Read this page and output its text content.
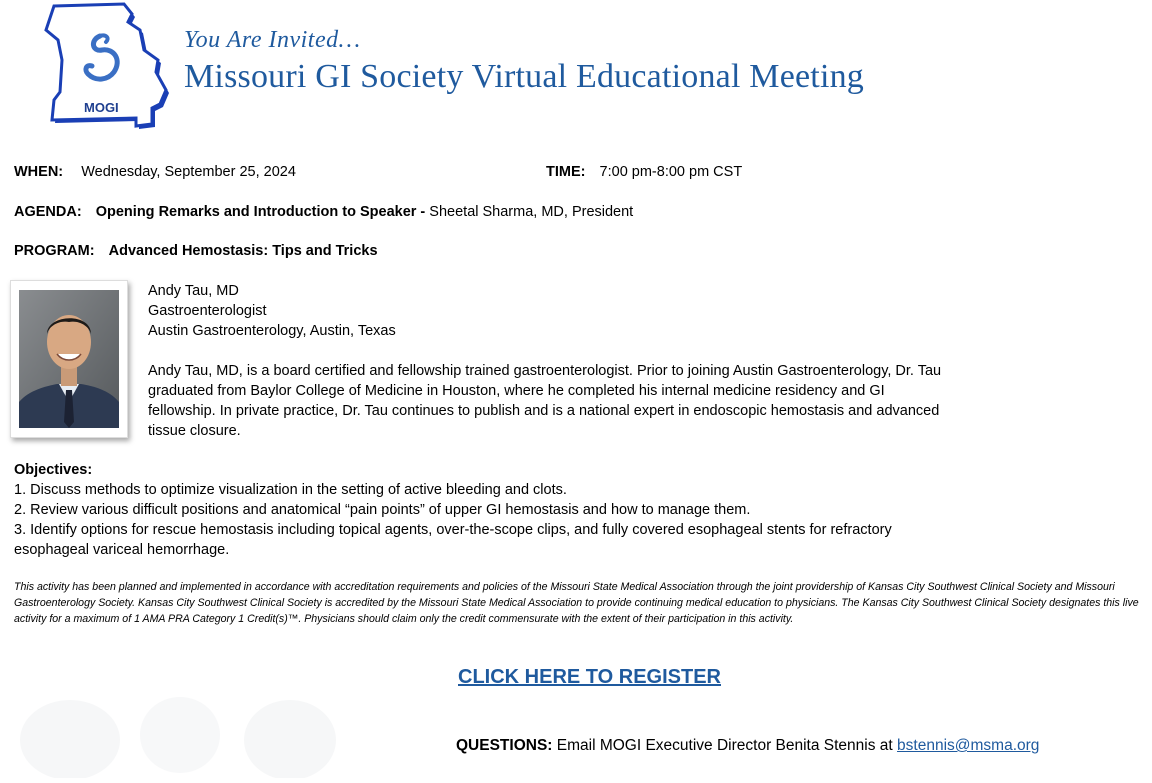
MOGI
You Are Invited…
Missouri GI Society Virtual Educational Meeting
WHEN: Wednesday, September 25, 2024	TIME: 7:00 pm-8:00 pm CST
AGENDA: Opening Remarks and Introduction to Speaker - Sheetal Sharma, MD, President
PROGRAM: Advanced Hemostasis: Tips and Tricks
Andy Tau, MD
Gastroenterologist
Austin Gastroenterology, Austin, Texas
Andy Tau, MD, is a board certified and fellowship trained gastroenterologist. Prior to joining Austin Gastroenterology, Dr. Tau graduated from Baylor College of Medicine in Houston, where he completed his internal medicine residency and GI fellowship. In private practice, Dr. Tau continues to publish and is a national expert in endoscopic hemostasis and advanced tissue closure.
Objectives:
1. Discuss methods to optimize visualization in the setting of active bleeding and clots.
2. Review various difficult positions and anatomical “pain points” of upper GI hemostasis and how to manage them.
3. Identify options for rescue hemostasis including topical agents, over-the-scope clips, and fully covered esophageal stents for refractory esophageal variceal hemorrhage.
This activity has been planned and implemented in accordance with accreditation requirements and policies of the Missouri State Medical Association through the joint providership of Kansas City Southwest Clinical Society and Missouri Gastroenterology Society. Kansas City Southwest Clinical Society is accredited by the Missouri State Medical Association to provide continuing medical education to physicians. The Kansas City Southwest Clinical Society designates this live activity for a maximum of 1 AMA PRA Category 1 Credit(s)™. Physicians should claim only the credit commensurate with the extent of their participation in this activity.
CLICK HERE TO REGISTER
QUESTIONS: Email MOGI Executive Director Benita Stennis at bstennis@msma.org
